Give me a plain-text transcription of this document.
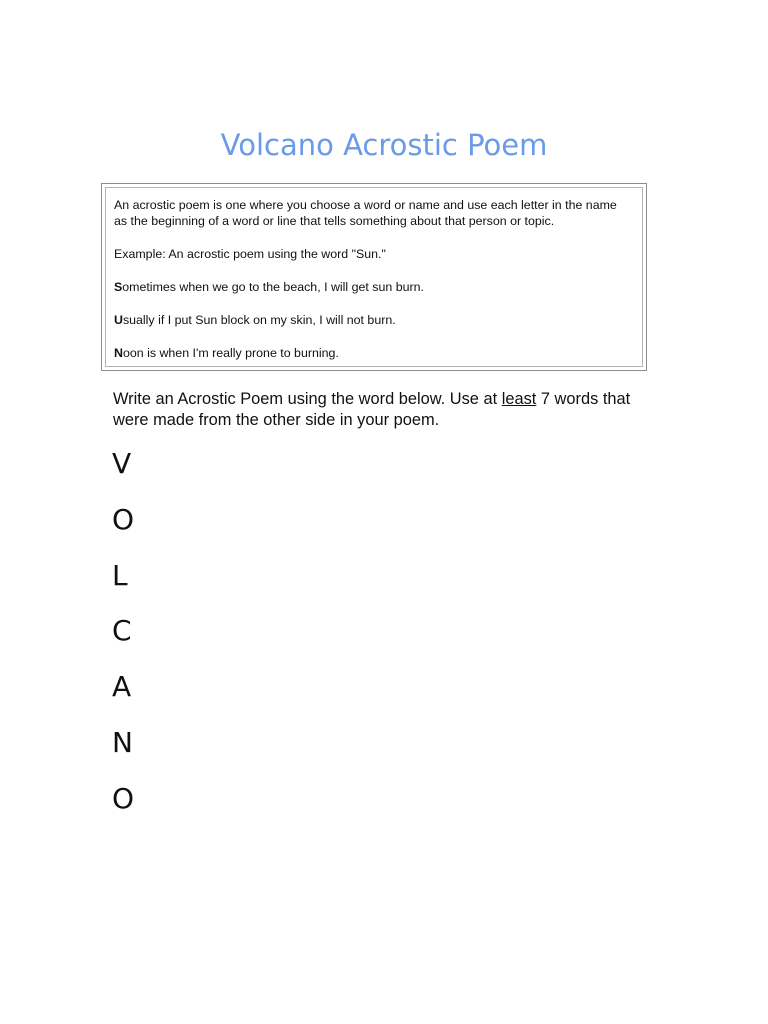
Volcano Acrostic Poem

An acrostic poem is one where you choose a word or name and use each letter in the name

as the beginning of a word or line that tells something about that person or topic.

Example: An acrostic poem using the word "Sun."

Sometimes when we go to the beach, I will get sun burn.

Usually if I put Sun block on my skin, I will not burn.

Noon is when I'm really prone to burning.

Write an Acrostic Poem using the word below. Use at least 7 words that

were made from the other side in your poem.

V
O
L
C
A
N
O
